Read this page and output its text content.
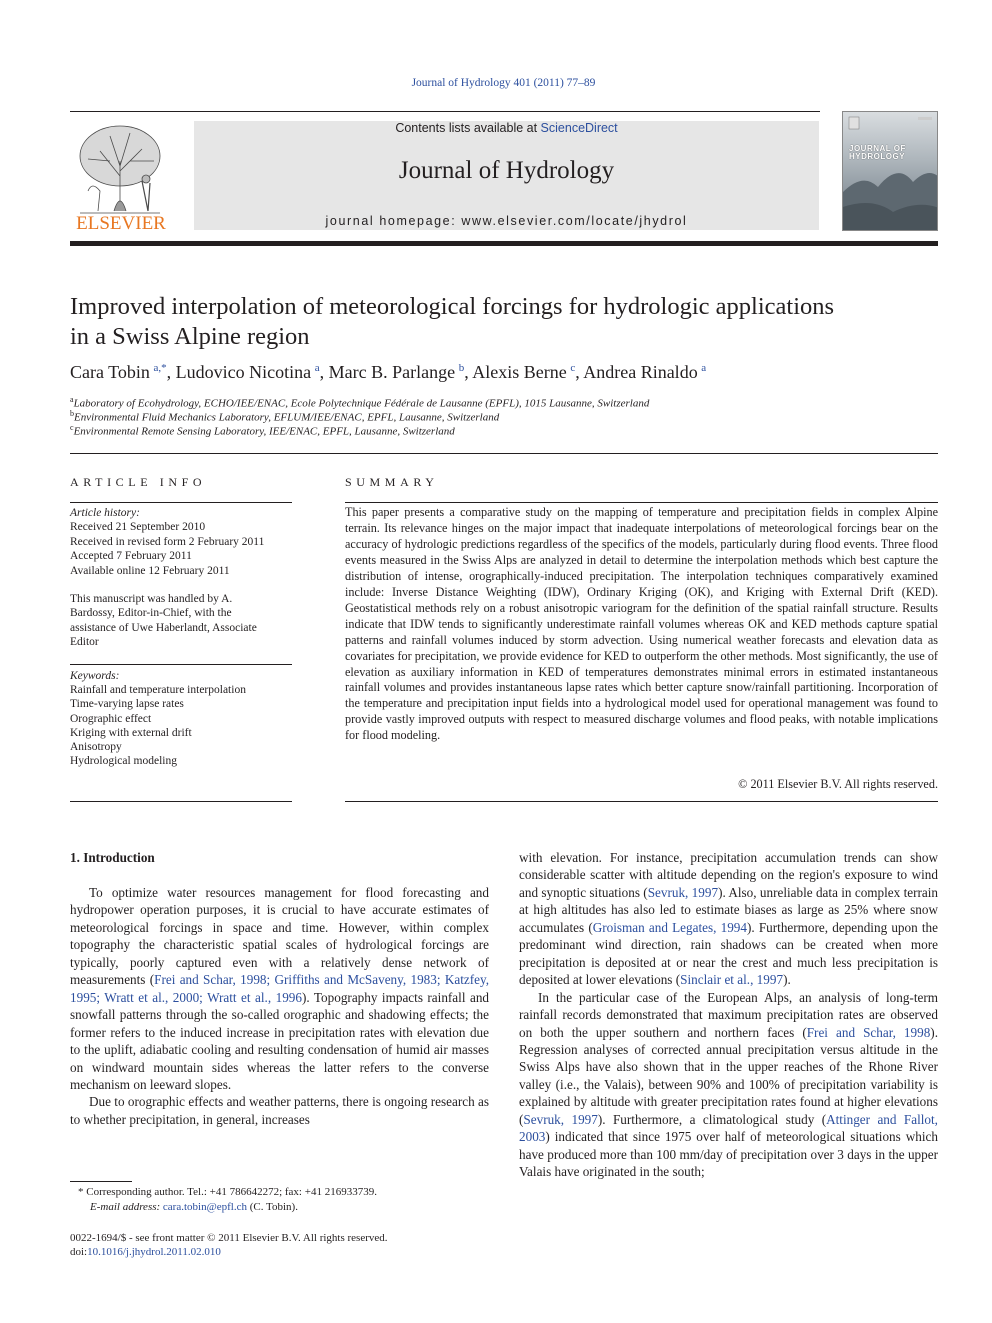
Journal of Hydrology 401 (2011) 77–89
ELSEVIER
Contents lists available at ScienceDirect
Journal of Hydrology
journal homepage: www.elsevier.com/locate/jhydrol
JOURNAL OF
HYDROLOGY
Improved interpolation of meteorological forcings for hydrologic applications
in a Swiss Alpine region
Cara Tobin  $^{a,*}$, Ludovico Nicotina  $^a$, Marc B. Parlange  $^b$, Alexis Berne  $^c$, Andrea Rinaldo  $^a$
$^a$Laboratory of Ecohydrology, ECHO/IEE/ENAC, Ecole Polytechnique Fédérale de Lausanne (EPFL), 1015 Lausanne, Switzerland
$^b$Environmental Fluid Mechanics Laboratory, EFLUM/IEE/ENAC, EPFL, Lausanne, Switzerland
$^c$Environmental Remote Sensing Laboratory, IEE/ENAC, EPFL, Lausanne, Switzerland
ARTICLE INFO
Article history:
Received 21 September 2010
Received in revised form 2 February 2011
Accepted 7 February 2011
Available online 12 February 2011
This manuscript was handled by A.
Bardossy, Editor-in-Chief, with the
assistance of Uwe Haberlandt, Associate
Editor
Keywords:
Rainfall and temperature interpolation
Time-varying lapse rates
Orographic effect
Kriging with external drift
Anisotropy
Hydrological modeling
SUMMARY
This paper presents a comparative study on the mapping of temperature and precipitation fields in complex Alpine terrain. Its relevance hinges on the major impact that inadequate interpolations of meteorological forcings bear on the accuracy of hydrologic predictions regardless of the specifics of the models, particularly during flood events. Three flood events measured in the Swiss Alps are analyzed in detail to determine the interpolation methods which best capture the distribution of intense, orographically-induced precipitation. The interpolation techniques comparatively examined include: Inverse Distance Weighting (IDW), Ordinary Kriging (OK), and Kriging with External Drift (KED). Geostatistical methods rely on a robust anisotropic variogram for the definition of the spatial rainfall structure. Results indicate that IDW tends to significantly underestimate rainfall volumes whereas OK and KED methods capture spatial patterns and rainfall volumes induced by storm advection. Using numerical weather forecasts and elevation data as covariates for precipitation, we provide evidence for KED to outperform the other methods. Most significantly, the use of elevation as auxiliary information in KED of temperatures demonstrates minimal errors in estimated instantaneous rainfall volumes and provides instantaneous lapse rates which better capture snow/rainfall partitioning. Incorporation of the temperature and precipitation input fields into a hydrological model used for operational management was found to provide vastly improved outputs with respect to measured discharge volumes and flood peaks, with notable implications for flood modeling.
© 2011 Elsevier B.V. All rights reserved.
1. Introduction

To optimize water resources management for flood forecasting and hydropower operation purposes, it is crucial to have accurate estimates of meteorological forcings in space and time. However, within complex topography the characteristic spatial scales of hydrological forcings are typically, poorly captured even with a relatively dense network of measurements (Frei and Schar, 1998; Griffiths and McSaveny, 1983; Katzfey, 1995; Wratt et al., 2000; Wratt et al., 1996). Topography impacts rainfall and snowfall patterns through the so-called orographic and shadowing effects; the former refers to the induced increase in precipitation rates with elevation due to the uplift, adiabatic cooling and resulting condensation of humid air masses on windward mountain sides whereas the latter refers to the converse mechanism on leeward slopes.

Due to orographic effects and weather patterns, there is ongoing research as to whether precipitation, in general, increases

with elevation. For instance, precipitation accumulation trends can show considerable scatter with altitude depending on the region's exposure to wind and synoptic situations (Sevruk, 1997). Also, unreliable data in complex terrain at high altitudes has also led to estimate biases as large as 25% where snow accumulates (Groisman and Legates, 1994). Furthermore, depending upon the predominant wind direction, rain shadows can be created when more precipitation is deposited at or near the crest and much less precipitation is deposited at lower elevations (Sinclair et al., 1997).

In the particular case of the European Alps, an analysis of long-term rainfall records demonstrated that maximum precipitation rates are observed on both the upper southern and northern faces (Frei and Schar, 1998). Regression analyses of corrected annual precipitation versus altitude in the Swiss Alps have also shown that in the upper reaches of the Rhone River valley (i.e., the Valais), between 90% and 100% of precipitation variability is explained by altitude with greater precipitation rates found at higher elevations (Sevruk, 1997). Furthermore, a climatological study (Attinger and Fallot, 2003) indicated that since 1975 over half of meteorological situations which have produced more than 100 mm/day of precipitation over 3 days in the upper Valais have originated in the south;

* Corresponding author. Tel.: +41 786642272; fax: +41 216933739.
E-mail address: cara.tobin@epfl.ch (C. Tobin).
0022-1694/$ - see front matter © 2011 Elsevier B.V. All rights reserved.
doi:10.1016/j.jhydrol.2011.02.010
